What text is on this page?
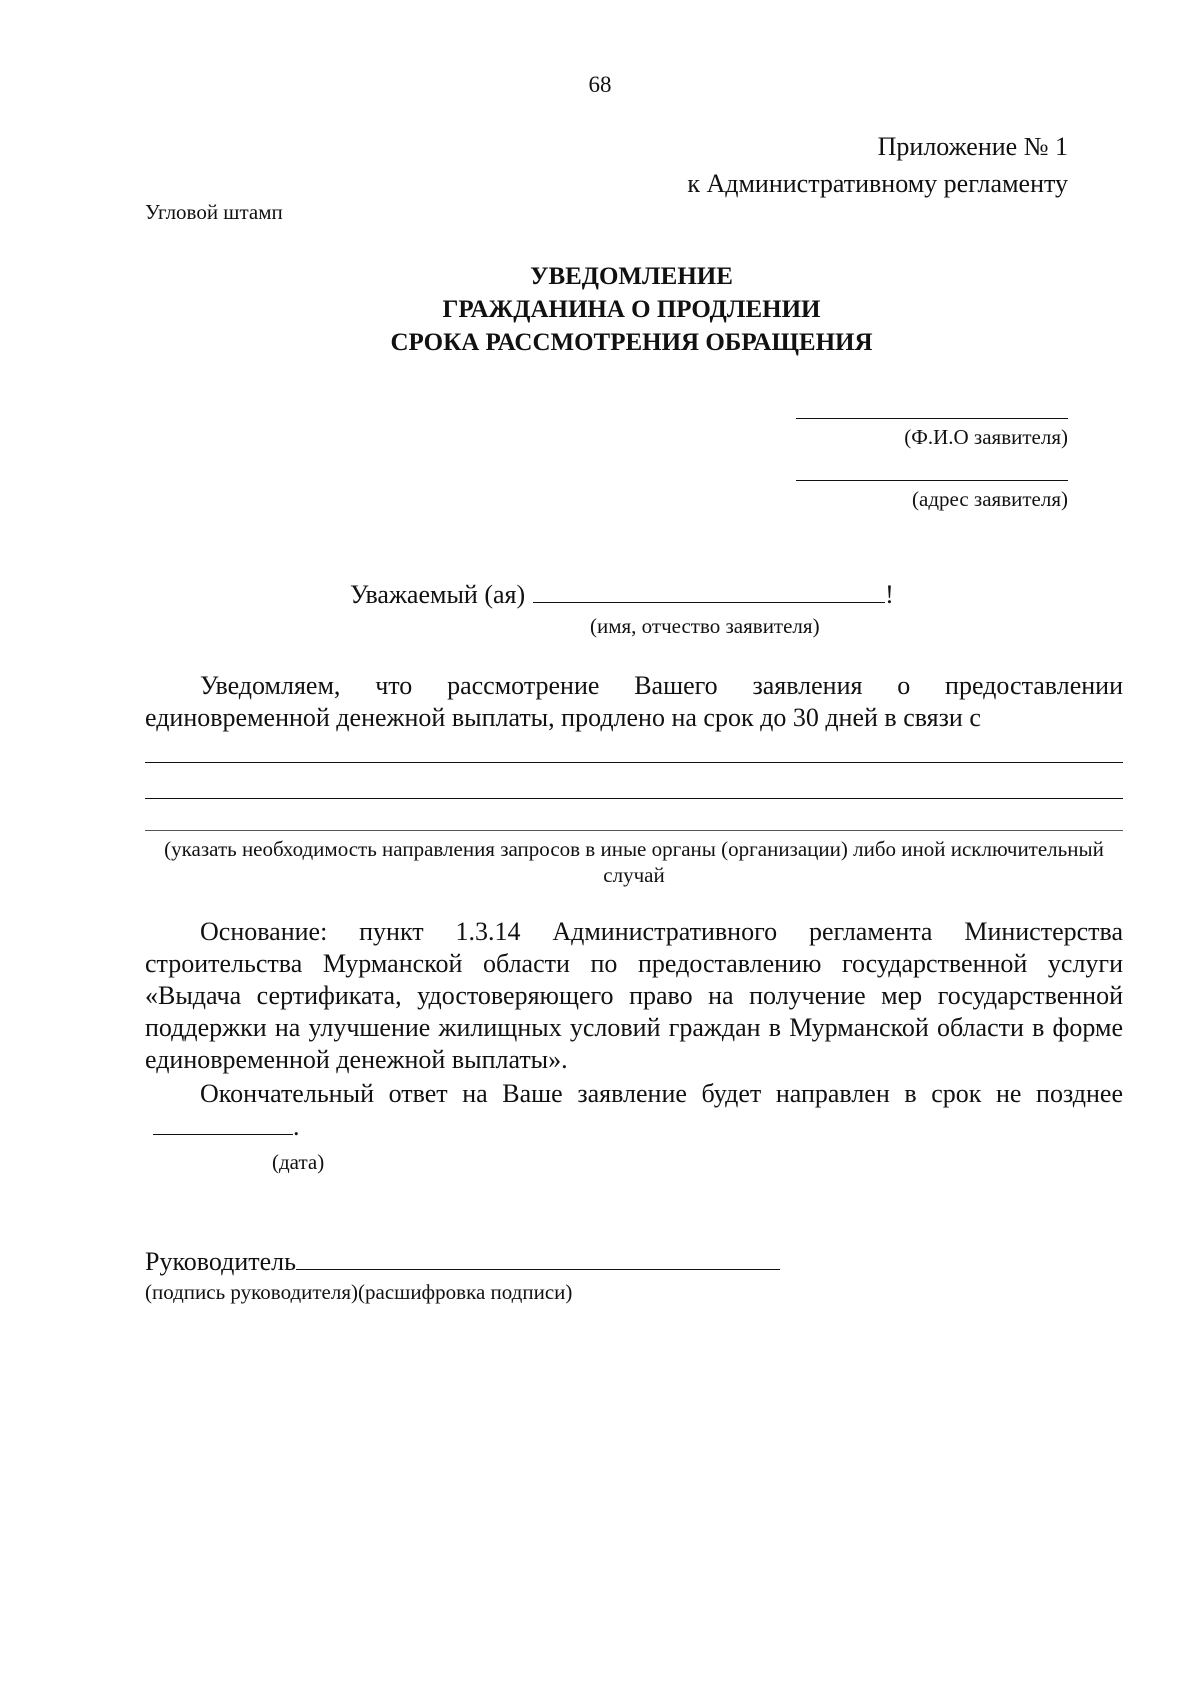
68
Приложение № 1
к Административному регламенту
Угловой штамп
УВЕДОМЛЕНИЕ
ГРАЖДАНИНА О ПРОДЛЕНИИ
СРОКА РАССМОТРЕНИЯ ОБРАЩЕНИЯ
(Ф.И.О заявителя)
(адрес заявителя)
Уважаемый (ая)	!
(имя, отчество заявителя)
Уведомляем, что рассмотрение Вашего заявления о предоставлении единовременной денежной выплаты, продлено на срок до 30 дней в связи с
(указать необходимость направления запросов в иные органы (организации) либо иной исключительный случай
Основание: пункт 1.3.14 Административного регламента Министерства строительства Мурманской области по предоставлению государственной услуги «Выдача сертификата, удостоверяющего право на получение мер государственной поддержки на улучшение жилищных условий граждан в Мурманской области в форме единовременной денежной выплаты».
Окончательный ответ на Ваше заявление будет направлен в срок не позднее.
(дата)
Руководитель
(подпись руководителя)(расшифровка подписи)
